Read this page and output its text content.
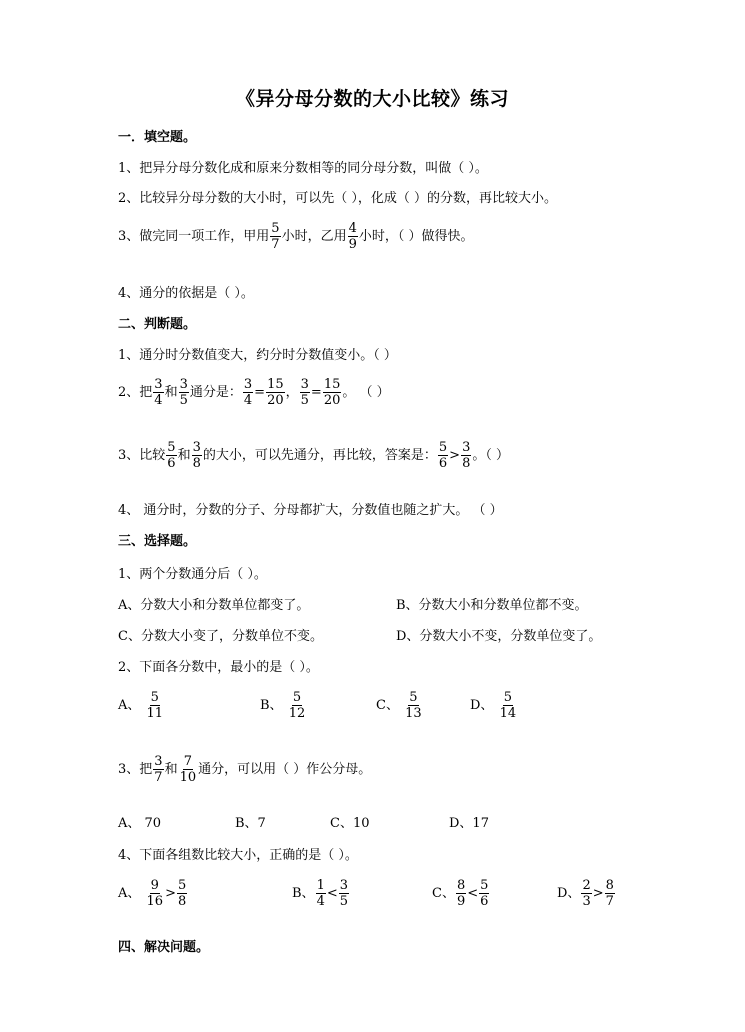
《异分母分数的大小比较》练习
一．填空题。
1、把异分母分数化成和原来分数相等的同分母分数，叫做（ ）。
2、比较异分母分数的大小时，可以先（ ），化成（ ）的分数，再比较大小。
3、做完同一项工作，甲用 $\frac{5}{7}$ 小时，乙用 $\frac{4}{9}$ 小时，（ ）做得快。
4、通分的依据是（ ）。
二、判断题。
1、通分时分数值变大，约分时分数值变小。（ ）
2、把 $\frac{3}{4}$ 和 $\frac{3}{5}$ 通分是： $\frac{3}{4} = \frac{15}{20}$ ， $\frac{3}{5} = \frac{15}{20}$ 。 （ ）
3、比较 $\frac{5}{6}$ 和 $\frac{3}{8}$ 的大小，可以先通分，再比较，答案是： $\frac{5}{6} > \frac{3}{8}$ 。（ ）
4、 通分时，分数的分子、分母都扩大，分数值也随之扩大。 （ ）
三、选择题。
1、两个分数通分后（ ）。
A、分数大小和分数单位都变了。	B、分数大小和分数单位都不变。
C、分数大小变了，分数单位不变。	D、分数大小不变，分数单位变了。
2、下面各分数中，最小的是（ ）。
A、 $\frac{5}{11}$	B、 $\frac{5}{12}$	C、 $\frac{5}{13}$	D、 $\frac{5}{14}$
3、把 $\frac{3}{7}$ 和 $\frac{7}{10}$ 通分，可以用（ ）作公分母。
A、 70	B、7	C、10	D、17
4、下面各组数比较大小，正确的是（ ）。
A、 $\frac{9}{16} > \frac{5}{8}$	B、 $\frac{1}{4} < \frac{3}{5}$	C、 $\frac{8}{9} < \frac{5}{6}$	D、 $\frac{2}{3} > \frac{8}{7}$
四、解决问题。
